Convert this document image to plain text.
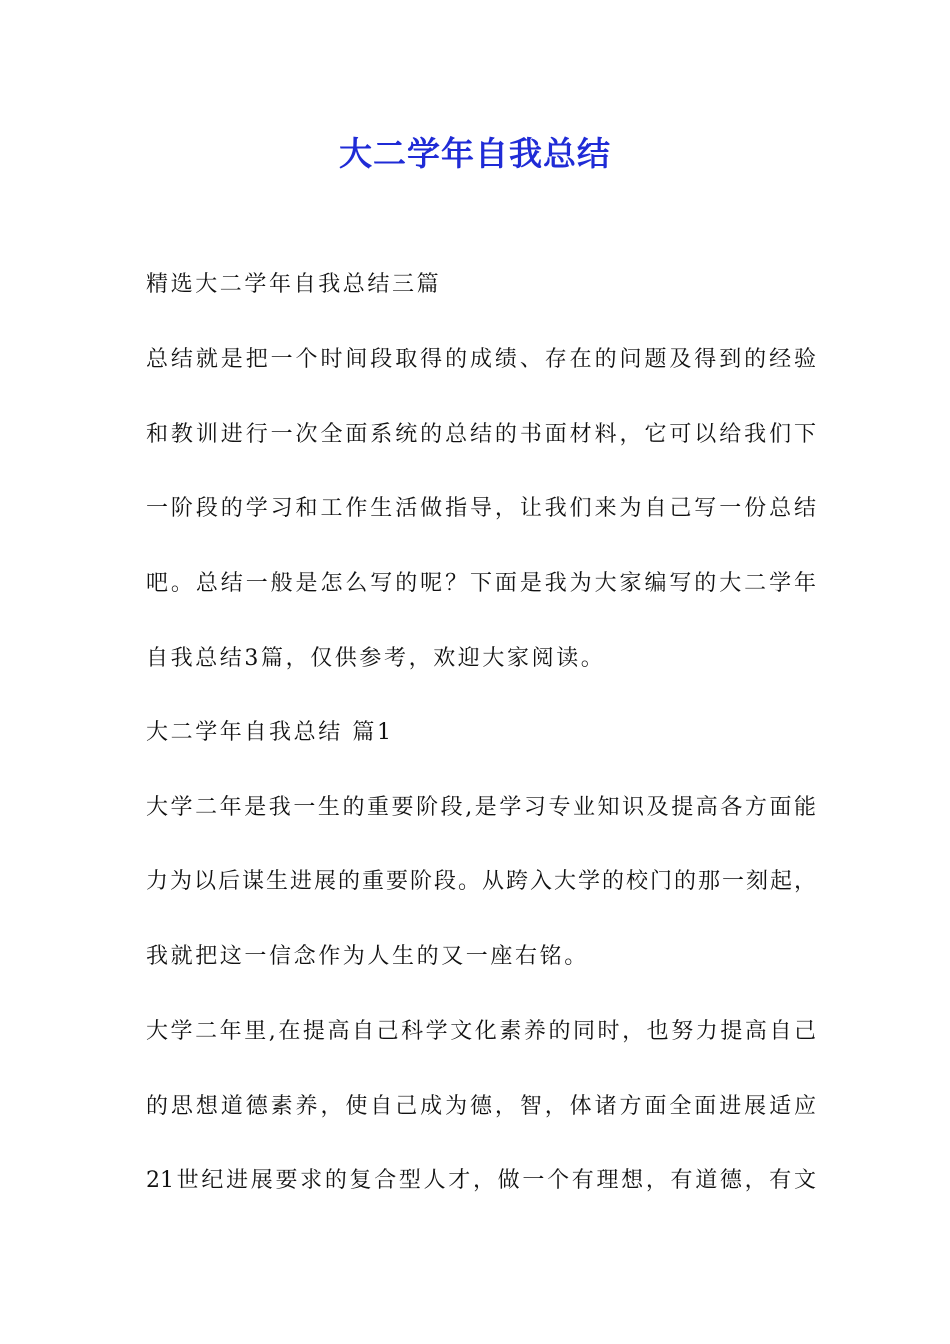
大二学年自我总结
精选大二学年自我总结三篇
总结就是把一个时间段取得的成绩、存在的问题及得到的经验
和教训进行一次全面系统的总结的书面材料，它可以给我们下
一阶段的学习和工作生活做指导，让我们来为自己写一份总结
吧。总结一般是怎么写的呢？下面是我为大家编写的大二学年
自我总结3篇，仅供参考，欢迎大家阅读。
大二学年自我总结 篇1
大学二年是我一生的重要阶段,是学习专业知识及提高各方面能
力为以后谋生进展的重要阶段。从跨入大学的校门的那一刻起，
我就把这一信念作为人生的又一座右铭。
大学二年里,在提高自己科学文化素养的同时，也努力提高自己
的思想道德素养，使自己成为德，智，体诸方面全面进展适应
21世纪进展要求的复合型人才，做一个有理想，有道德，有文
